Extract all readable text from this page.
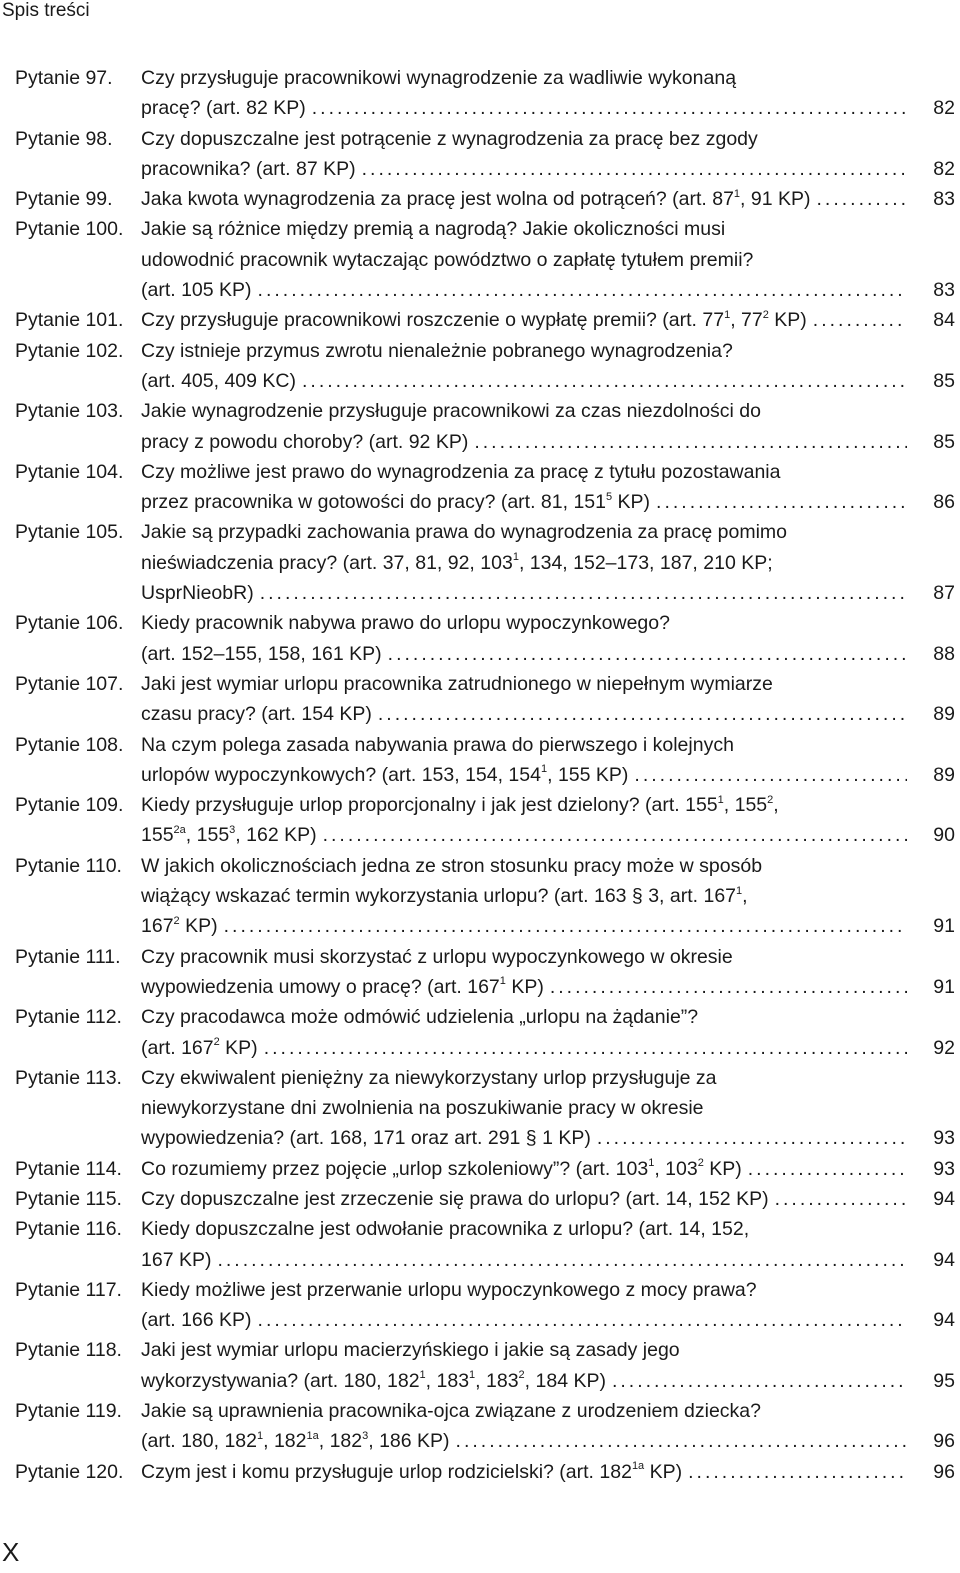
Spis treści
Pytanie 97.	Czy przysługuje pracownikowi wynagrodzenie za wadliwie wykonaną
pracę? (art. 82 KP) .....	82
Pytanie 98.	Czy dopuszczalne jest potrącenie z wynagrodzenia za pracę bez zgody
pracownika? (art. 87 KP) .....	82
Pytanie 99.	Jaka kwota wynagrodzenia za pracę jest wolna od potrąceń? (art. $87^1$, 91 KP) .....	83
Pytanie 100. Jakie są różnice między premią a nagrodą? Jakie okoliczności musi
udowodnić pracownik wytaczając powództwo o zapłatę tytułem premii?
(art. 105 KP) .....	83
Pytanie 101. Czy przysługuje pracownikowi roszczenie o wypłatę premii? (art. $77^1$, $77^2$ KP) .....	84
Pytanie 102. Czy istnieje przymus zwrotu nienależnie pobranego wynagrodzenia?
(art. 405, 409 KC) .....	85
Pytanie 103. Jakie wynagrodzenie przysługuje pracownikowi za czas niezdolności do
pracy z powodu choroby? (art. 92 KP) .....	85
Pytanie 104. Czy możliwe jest prawo do wynagrodzenia za pracę z tytułu pozostawania
przez pracownika w gotowości do pracy? (art. 81, $151^5$ KP) .....	86
Pytanie 105. Jakie są przypadki zachowania prawa do wynagrodzenia za pracę pomimo
nieświadczenia pracy? (art. 37, 81, 92, $103^1$, 134, 152–173, 187, 210 KP;
UsprNieobR) .....	87
Pytanie 106. Kiedy pracownik nabywa prawo do urlopu wypoczynkowego?
(art. 152–155, 158, 161 KP) .....	88
Pytanie 107. Jaki jest wymiar urlopu pracownika zatrudnionego w niepełnym wymiarze
czasu pracy? (art. 154 KP) .....	89
Pytanie 108. Na czym polega zasada nabywania prawa do pierwszego i kolejnych
urlopów wypoczynkowych? (art. 153, 154, $154^1$, 155 KP) .....	89
Pytanie 109. Kiedy przysługuje urlop proporcjonalny i jak jest dzielony? (art. $155^1$, $155^2$,
$155^{2a}$, $155^3$, 162 KP) .....	90
Pytanie 110. W jakich okolicznościach jedna ze stron stosunku pracy może w sposób
wiążący wskazać termin wykorzystania urlopu? (art. 163 § 3, art. $167^1$,
$167^2$ KP) .....	91
Pytanie 111.	Czy pracownik musi skorzystać z urlopu wypoczynkowego w okresie
wypowiedzenia umowy o pracę? (art. $167^1$ KP) .....	91
Pytanie 112. Czy pracodawca może odmówić udzielenia „urlopu na żądanie”?
(art. $167^2$ KP) .....	92
Pytanie 113. Czy ekwiwalent pieniężny za niewykorzystany urlop przysługuje za
niewykorzystane dni zwolnienia na poszukiwanie pracy w okresie
wypowiedzenia? (art. 168, 171 oraz art. 291 § 1 KP) .....	93
Pytanie 114. Co rozumiemy przez pojęcie „urlop szkoleniowy”? (art. $103^1$, $103^2$ KP) .....	93
Pytanie 115. Czy dopuszczalne jest zrzeczenie się prawa do urlopu? (art. 14, 152 KP) .....	94
Pytanie 116. Kiedy dopuszczalne jest odwołanie pracownika z urlopu? (art. 14, 152,
167 KP) .....	94
Pytanie 117. Kiedy możliwe jest przerwanie urlopu wypoczynkowego z mocy prawa?
(art. 166 KP) .....	94
Pytanie 118. Jaki jest wymiar urlopu macierzyńskiego i jakie są zasady jego
wykorzystywania? (art. 180, $182^1$, $183^1$, $183^2$, 184 KP) .....	95
Pytanie 119. Jakie są uprawnienia pracownika-ojca związane z urodzeniem dziecka?
(art. 180, $182^1$, $182^{1a}$, $182^3$, 186 KP) .....	96
Pytanie 120. Czym jest i komu przysługuje urlop rodzicielski? (art. $182^{1a}$ KP) .....	96
X
